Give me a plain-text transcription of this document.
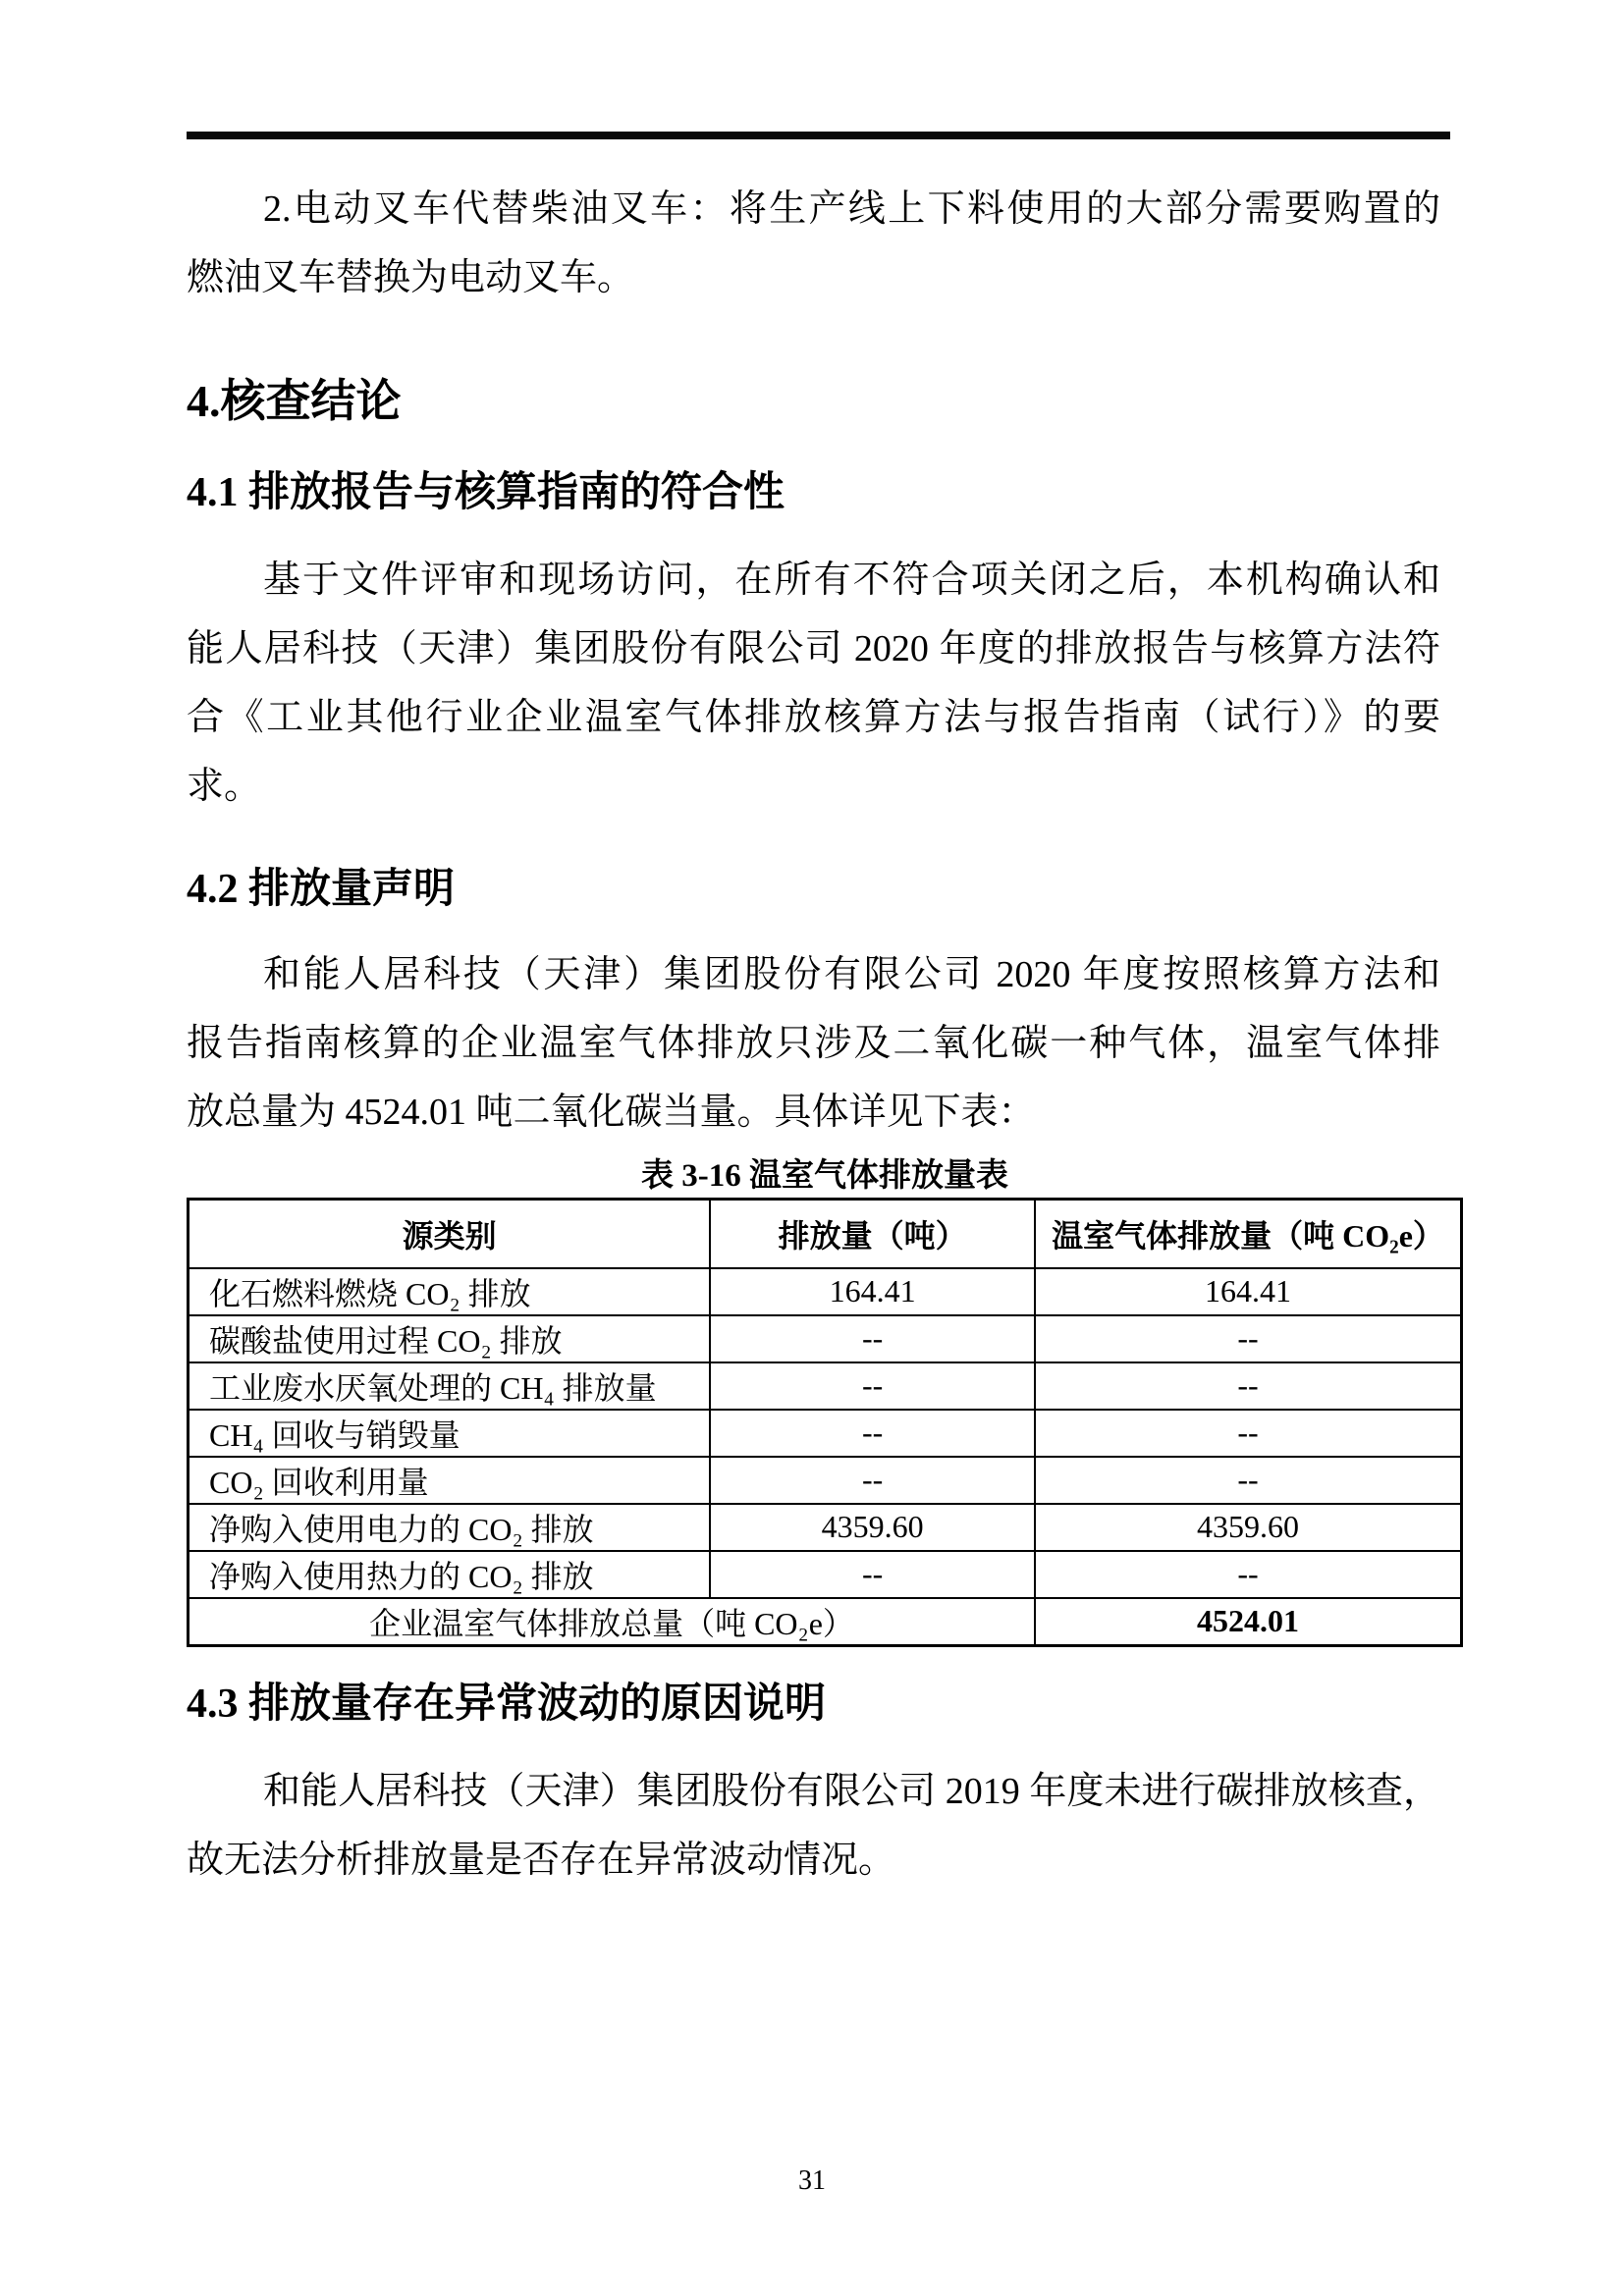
2.电动叉车代替柴油叉车：将生产线上下料使用的大部分需要购置的
燃油叉车替换为电动叉车。
4.核查结论
4.1 排放报告与核算指南的符合性
基于文件评审和现场访问，在所有不符合项关闭之后，本机构确认和
能人居科技（天津）集团股份有限公司 2020 年度的排放报告与核算方法符
合《工业其他行业企业温室气体排放核算方法与报告指南（试行）》的要
求。
4.2 排放量声明
和能人居科技（天津）集团股份有限公司 2020 年度按照核算方法和
报告指南核算的企业温室气体排放只涉及二氧化碳一种气体，温室气体排
放总量为 4524.01 吨二氧化碳当量。具体详见下表：
表 3-16 温室气体排放量表
源类别	排放量（吨）	温室气体排放量（吨 CO₂e）
化石燃料燃烧 CO₂ 排放	164.41	164.41
碳酸盐使用过程 CO₂ 排放	--	--
工业废水厌氧处理的 CH₄ 排放量	--	--
CH₄ 回收与销毁量	--	--
CO₂ 回收利用量	--	--
净购入使用电力的 CO₂ 排放	4359.60	4359.60
净购入使用热力的 CO₂ 排放	--	--
企业温室气体排放总量（吨 CO₂e）		4524.01
4.3 排放量存在异常波动的原因说明
和能人居科技（天津）集团股份有限公司 2019 年度未进行碳排放核查，
故无法分析排放量是否存在异常波动情况。
31
